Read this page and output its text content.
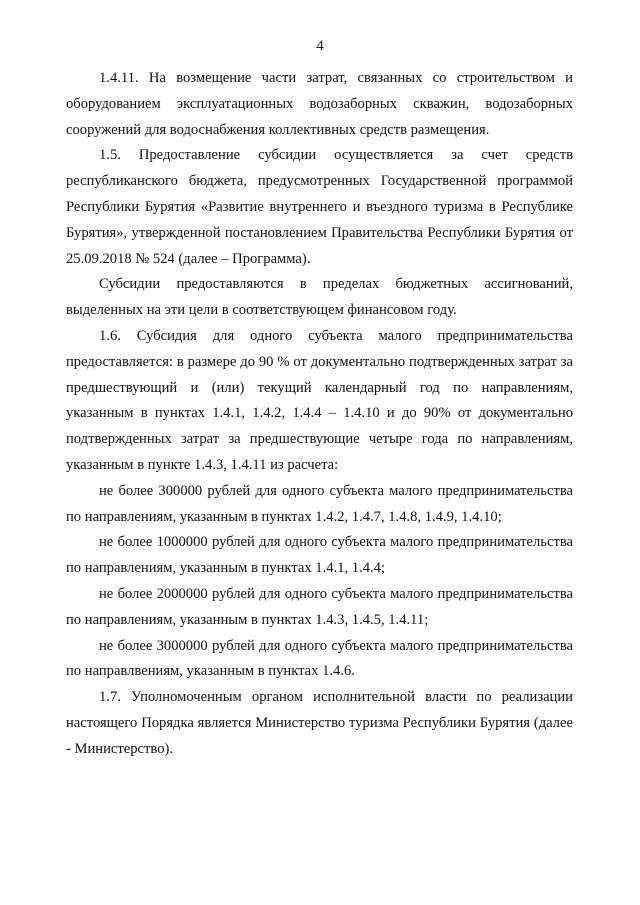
4

1.4.11. На возмещение части затрат, связанных со строительством и оборудованием эксплуатационных водозаборных скважин, водозаборных сооружений для водоснабжения коллективных средств размещения.

1.5. Предоставление субсидии осуществляется за счет средств республиканского бюджета, предусмотренных Государственной программой Республики Бурятия «Развитие внутреннего и въездного туризма в Республике Бурятия», утвержденной постановлением Правительства Республики Бурятия от 25.09.2018 № 524 (далее – Программа).

Субсидии предоставляются в пределах бюджетных ассигнований, выделенных на эти цели в соответствующем финансовом году.

1.6. Субсидия для одного субъекта малого предпринимательства предоставляется: в размере до 90 % от документально подтвержденных затрат за предшествующий и (или) текущий календарный год по направлениям, указанным в пунктах 1.4.1, 1.4.2, 1.4.4 – 1.4.10 и до 90% от документально подтвержденных затрат за предшествующие четыре года по направлениям, указанным в пункте 1.4.3, 1.4.11 из расчета:

не более 300000 рублей для одного субъекта малого предпринимательства по направлениям, указанным в пунктах 1.4.2, 1.4.7, 1.4.8, 1.4.9, 1.4.10;

не более 1000000 рублей для одного субъекта малого предпринимательства по направлениям, указанным в пунктах 1.4.1, 1.4.4;

не более 2000000 рублей для одного субъекта малого предпринимательства по направлениям, указанным в пунктах 1.4.3, 1.4.5, 1.4.11;

не более 3000000 рублей для одного субъекта малого предпринимательства по направлвениям, указанным в пунктах 1.4.6.

1.7. Уполномоченным органом исполнительной власти по реализации настоящего Порядка является Министерство туризма Республики Бурятия (далее - Министерство).
